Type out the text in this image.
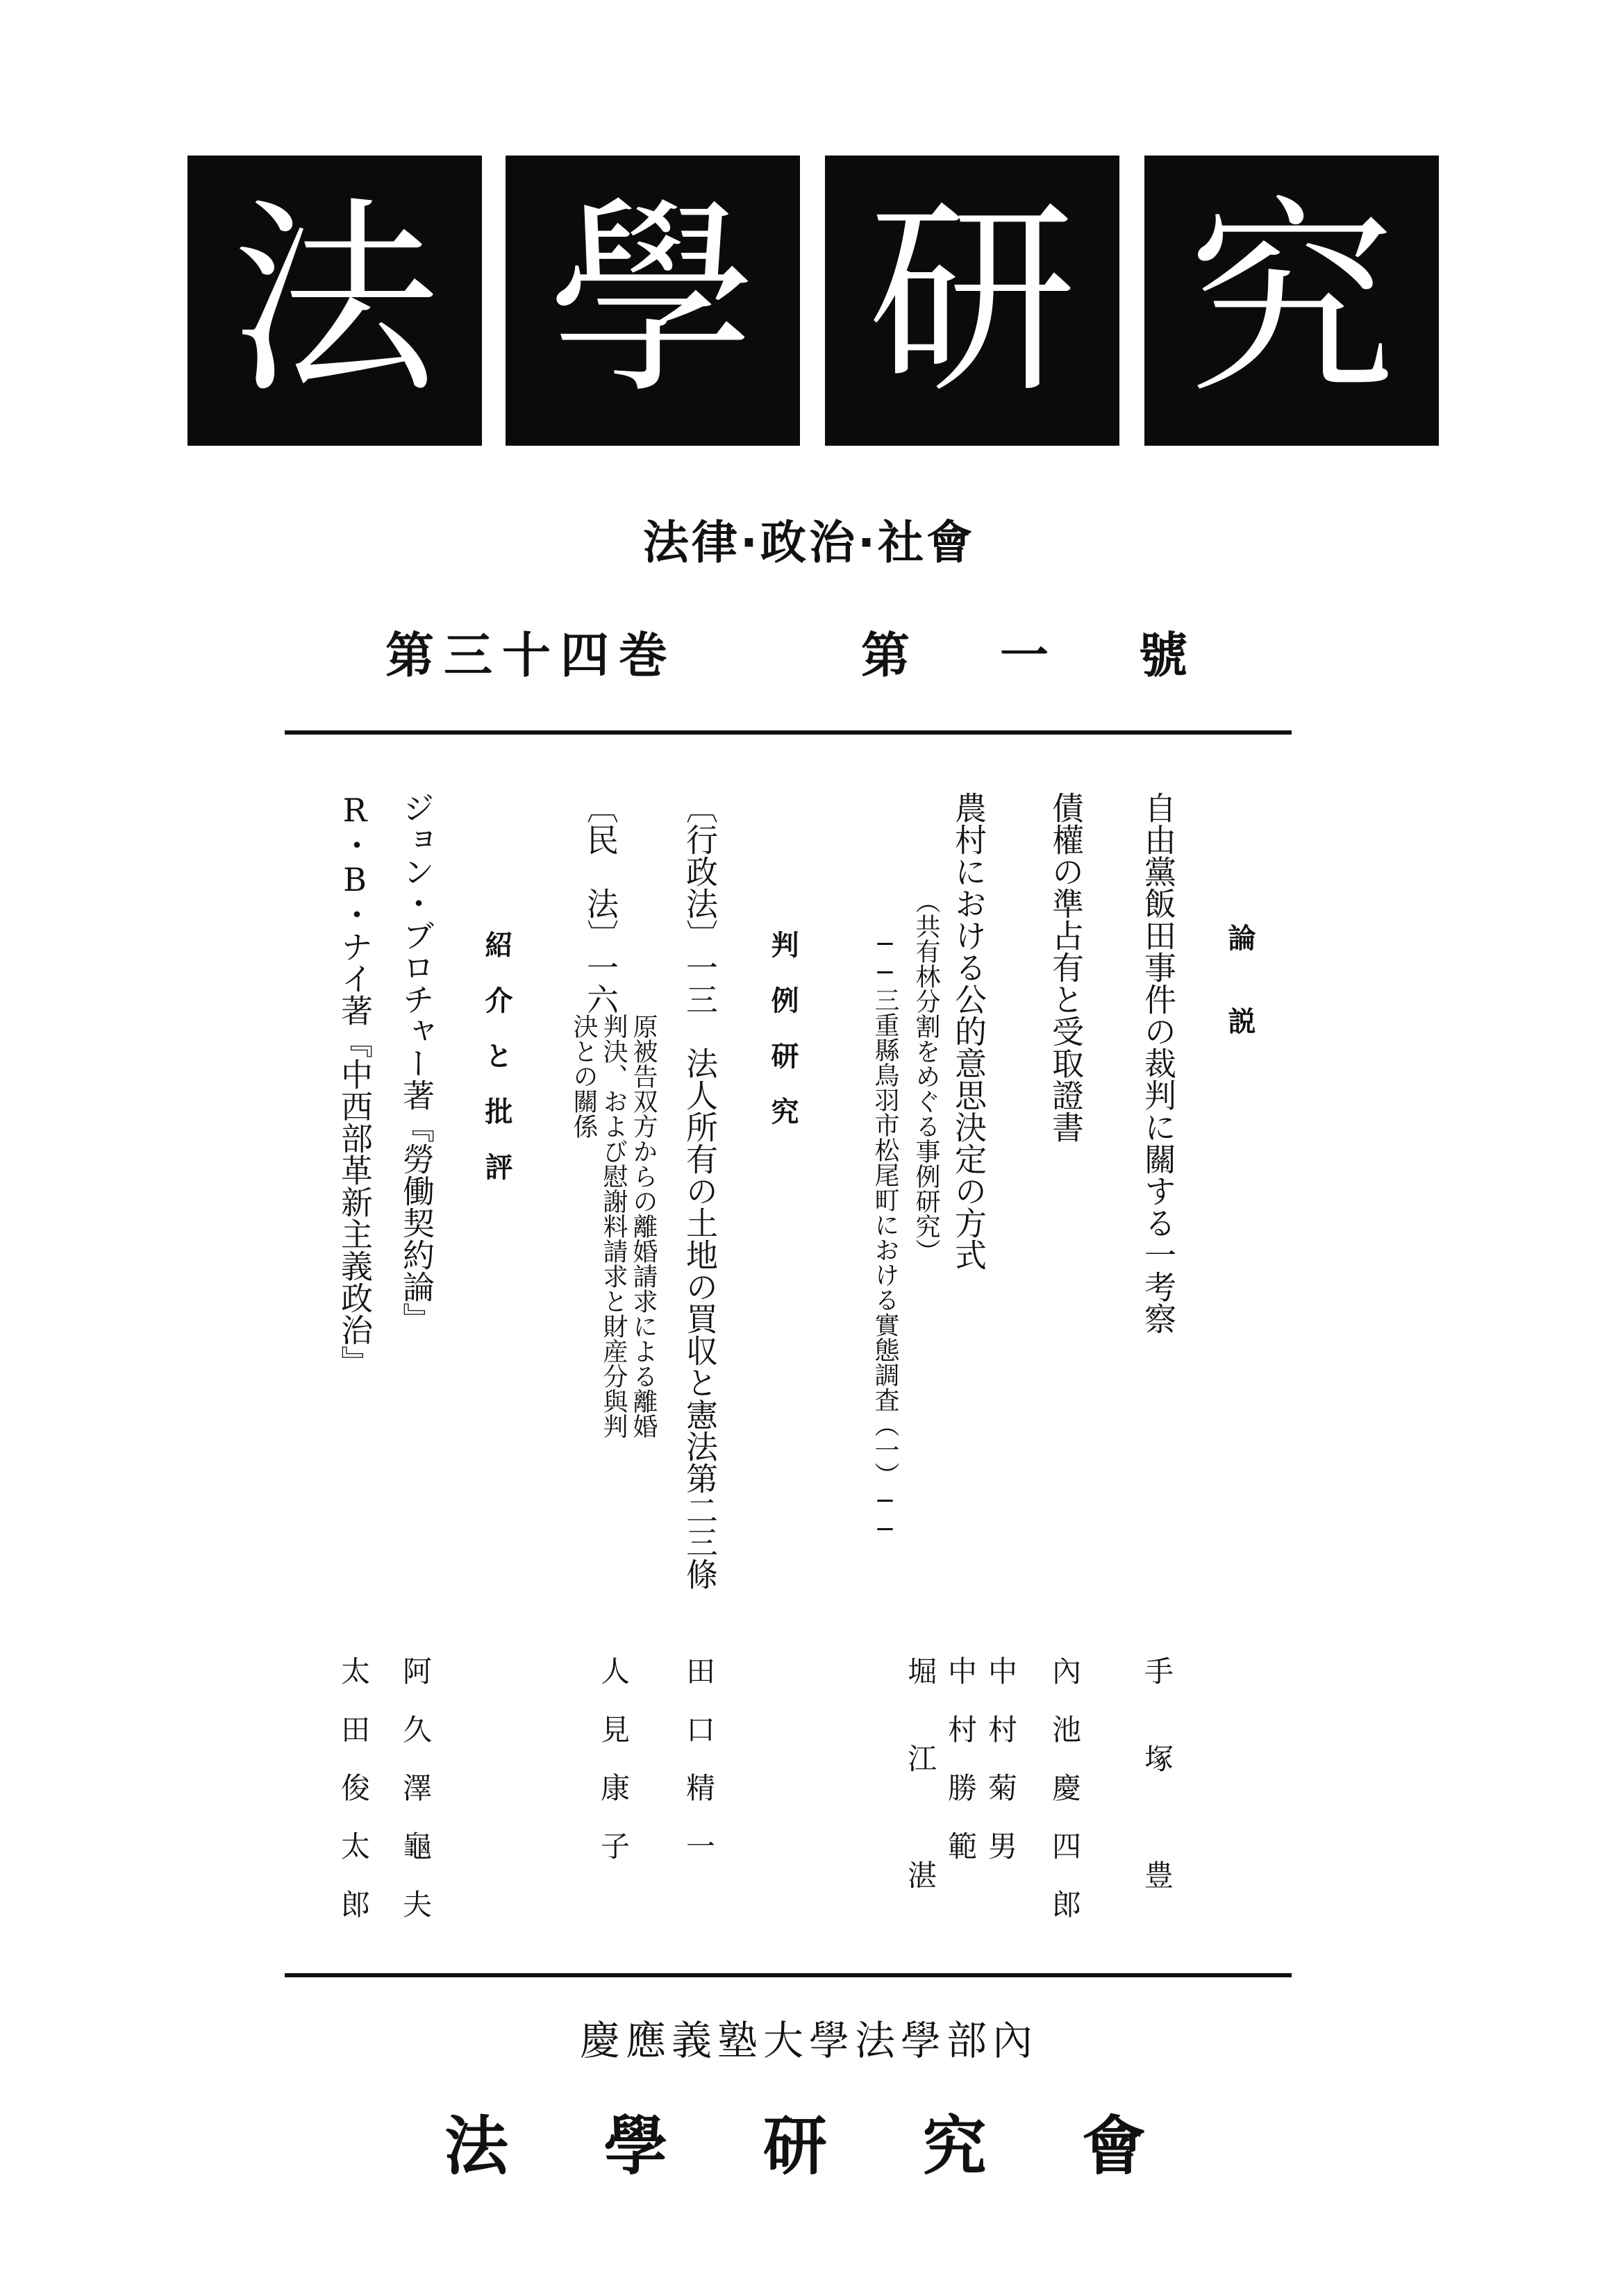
法 學 研 究
法律·政治·社會
第三十四巻	第 一 號
論　　説
自由黨飯田事件の裁判に關する一考察
手　　塚　　　豊
債權の準占有と受取證書
內　池　慶　四　郎
農村における公的意思決定の方式
（共有林分割をめぐる事例研究）
──三重縣鳥羽市松尾町における實態調査（一）──
中　村　菊　男
中　村　勝　範
堀　　江　　　湛
判　例　研　究
〔行政法〕一三　法人所有の土地の買収と憲法第二三條
田　口　精　一
〔民　法〕一六
原被告双方からの離婚請求による離婚
判決、および慰謝料請求と財産分與判
決との關係
人　見　康　子
紹　介　と　批　評
ジョン・ブロチャー著『勞働契約論』
阿　久　澤　龜　夫
R・B・ナイ著『中西部革新主義政治』
太　田　俊　太　郎
慶應義塾大學法學部內
法 學 研 究 會
